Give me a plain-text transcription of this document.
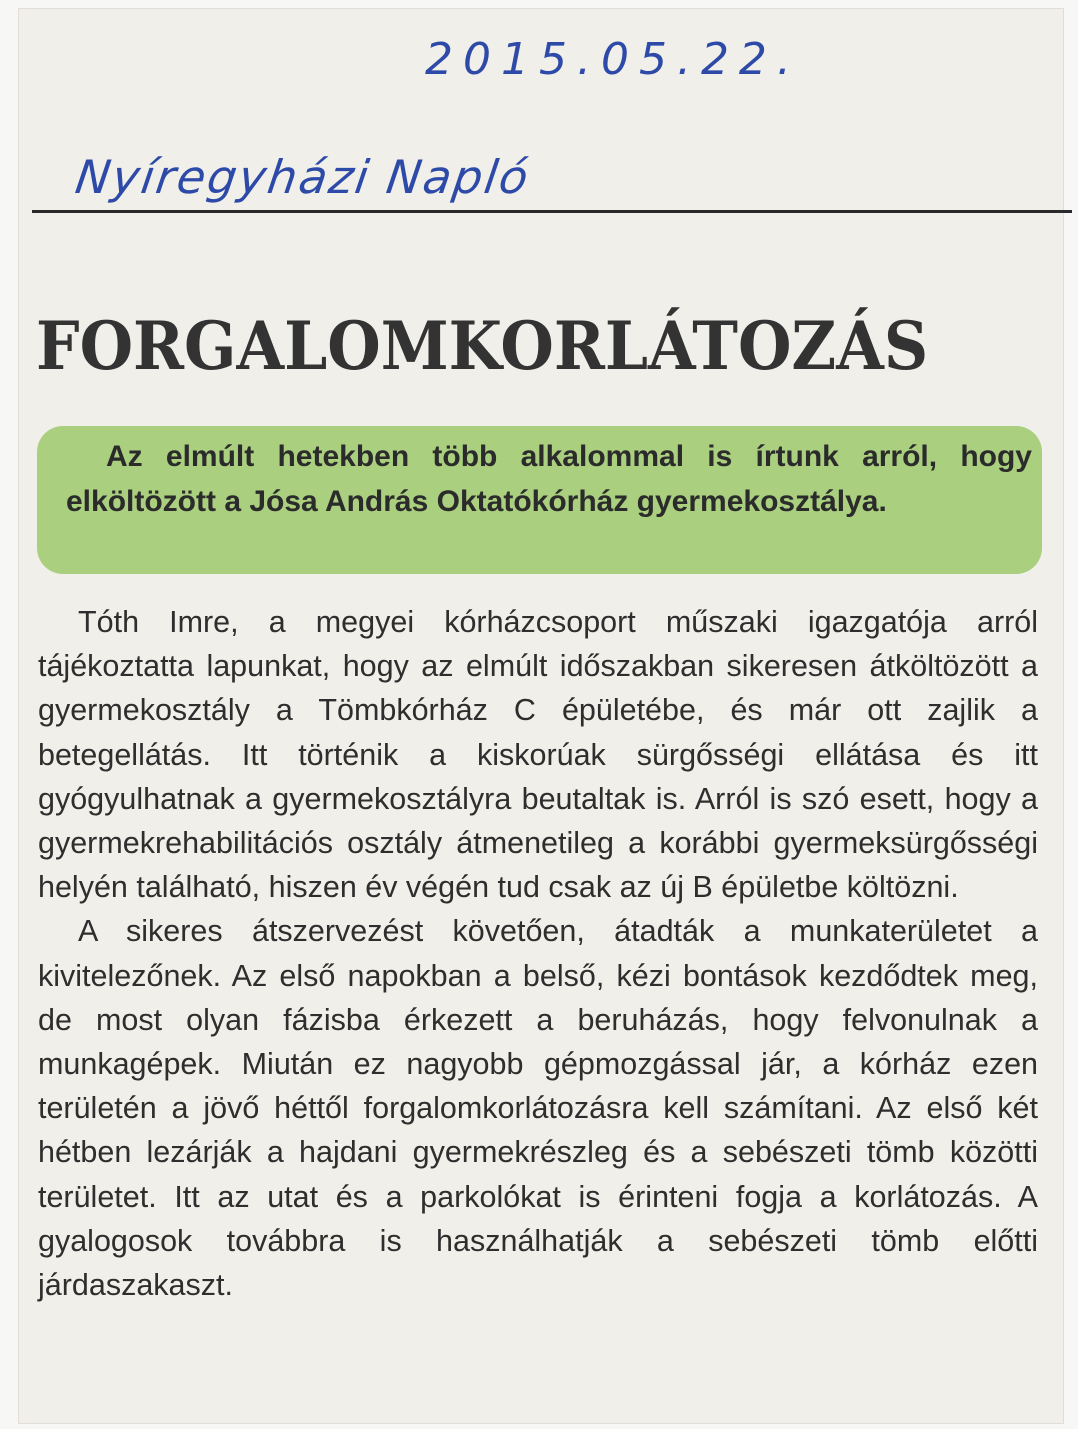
2015.05.22.
Nyíregyházi Napló
FORGALOMKORLÁTOZÁS
Az elmúlt hetekben több alkalommal is írtunk arról, hogy elköltözött a Jósa András Oktatókórház gyermekosztálya.

Tóth Imre, a megyei kórházcsoport műszaki igazgatója arról tájékoztatta lapunkat, hogy az elmúlt időszakban sikeresen átköltözött a gyermekosztály a Tömbkórház C épületébe, és már ott zajlik a betegellátás. Itt történik a kiskorúak sürgősségi ellátása és itt gyógyulhatnak a gyermekosztályra beutaltak is. Arról is szó esett, hogy a gyermekrehabilitációs osztály átmenetileg a korábbi gyermeksürgősségi helyén található, hiszen év végén tud csak az új B épületbe költözni.

A sikeres átszervezést követően, átadták a munkaterületet a kivitelezőnek. Az első napokban a belső, kézi bontások kezdődtek meg, de most olyan fázisba érkezett a beruházás, hogy felvonulnak a munkagépek. Miután ez nagyobb gépmozgással jár, a kórház ezen területén a jövő héttől forgalomkorlátozásra kell számítani. Az első két hétben lezárják a hajdani gyermekrészleg és a sebészeti tömb közötti területet. Itt az utat és a parkolókat is érinteni fogja a korlátozás. A gyalogosok továbbra is használhatják a sebészeti tömb előtti járdaszakaszt.
